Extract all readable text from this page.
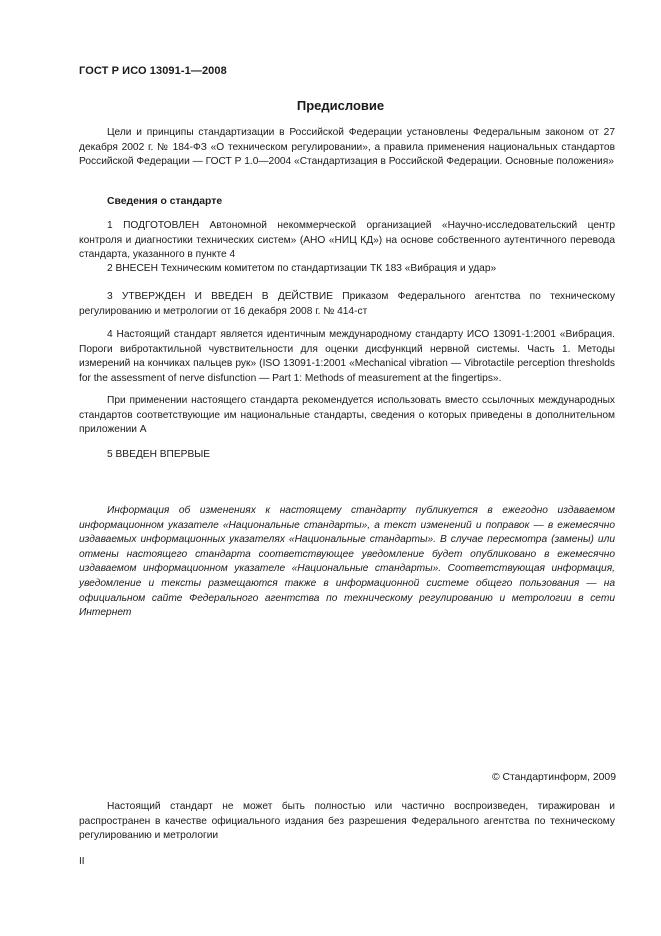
ГОСТ Р ИСО 13091-1—2008
Предисловие

Цели и принципы стандартизации в Российской Федерации установлены Федеральным законом от 27 декабря 2002 г. № 184-ФЗ «О техническом регулировании», а правила применения национальных стандартов Российской Федерации — ГОСТ Р 1.0—2004 «Стандартизация в Российской Федерации. Основные положения»

Сведения о стандарте

1 ПОДГОТОВЛЕН Автономной некоммерческой организацией «Научно-исследовательский центр контроля и диагностики технических систем» (АНО «НИЦ КД») на основе собственного аутентичного перевода стандарта, указанного в пункте 4

2 ВНЕСЕН Техническим комитетом по стандартизации ТК 183 «Вибрация и удар»

3 УТВЕРЖДЕН И ВВЕДЕН В ДЕЙСТВИЕ Приказом Федерального агентства по техническому регулированию и метрологии от 16 декабря 2008 г. № 414-ст

4 Настоящий стандарт является идентичным международному стандарту ИСО 13091-1:2001 «Вибрация. Пороги вибротактильной чувствительности для оценки дисфункций нервной системы. Часть 1. Методы измерений на кончиках пальцев рук» (ISO 13091-1:2001 «Mechanical vibration — Vibrotactile perception thresholds for the assessment of nerve disfunction — Part 1: Methods of measurement at the fingertips».

При применении настоящего стандарта рекомендуется использовать вместо ссылочных международных стандартов соответствующие им национальные стандарты, сведения о которых приведены в дополнительном приложении А

5 ВВЕДЕН ВПЕРВЫЕ

Информация об изменениях к настоящему стандарту публикуется в ежегодно издаваемом информационном указателе «Национальные стандарты», а текст изменений и поправок — в ежемесячно издаваемых информационных указателях «Национальные стандарты». В случае пересмотра (замены) или отмены настоящего стандарта соответствующее уведомление будет опубликовано в ежемесячно издаваемом информационном указателе «Национальные стандарты». Соответствующая информация, уведомление и тексты размещаются также в информационной системе общего пользования — на официальном сайте Федерального агентства по техническому регулированию и метрологии в сети Интернет

© Стандартинформ, 2009

Настоящий стандарт не может быть полностью или частично воспроизведен, тиражирован и распространен в качестве официального издания без разрешения Федерального агентства по техническому регулированию и метрологии

II
